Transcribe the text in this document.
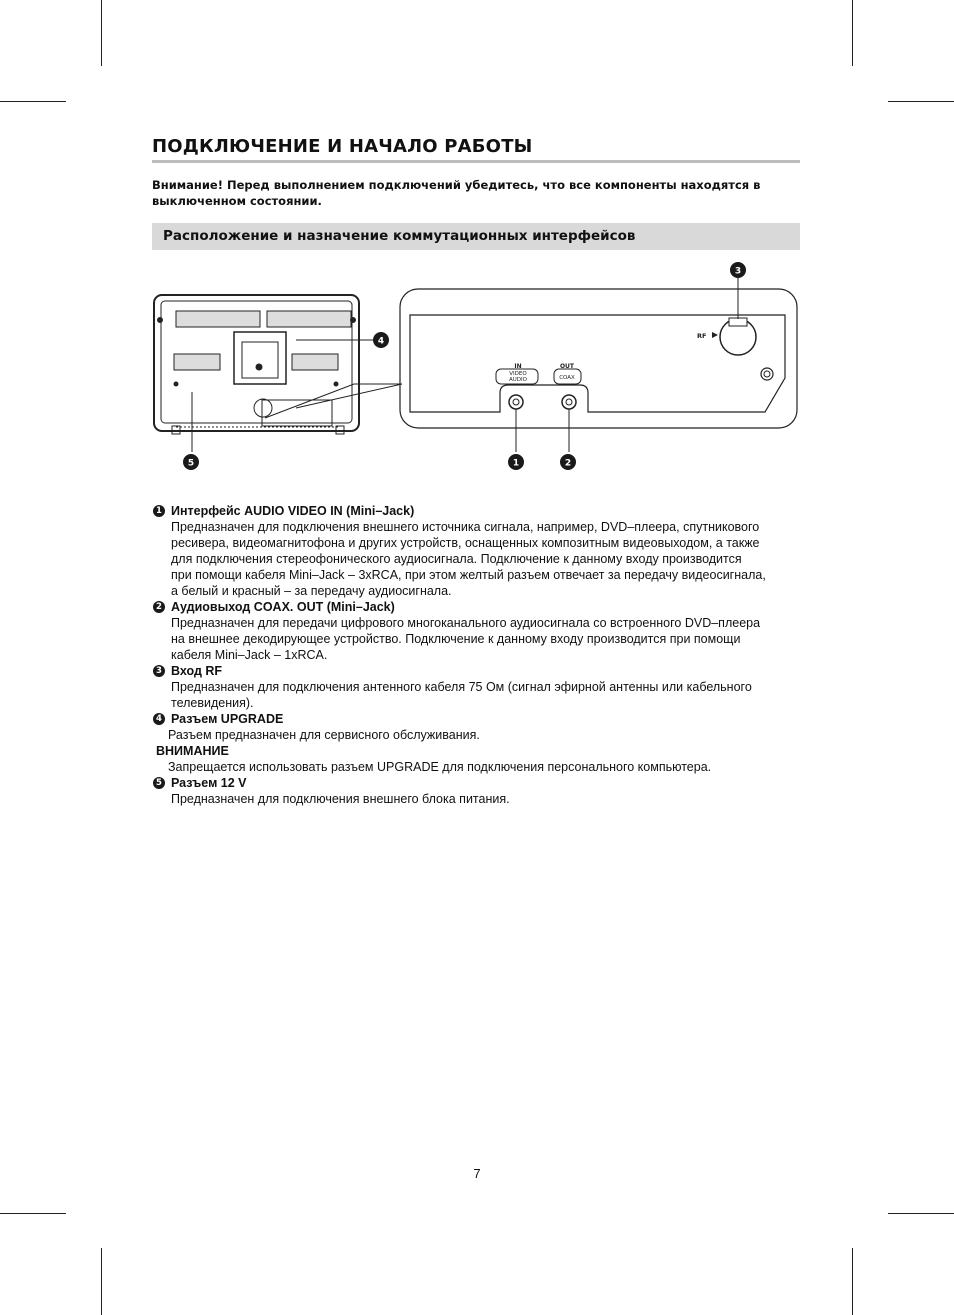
ПОДКЛЮЧЕНИЕ И НАЧАЛО РАБОТЫ
Внимание! Перед выполнением подключений убедитесь, что все компоненты находятся в выключенном состоянии.
Расположение и назначение коммутационных интерфейсов
RF
IN
VIDEO
AUDIO
OUT
COAX
1	2
3
4
5
1 Интерфейс AUDIO VIDEO IN (Mini–Jack)
Предназначен для подключения внешнего источника сигнала, например, DVD–плеера, спутникового
ресивера, видеомагнитофона и других устройств, оснащенных композитным видеовыходом, а также
для подключения стереофонического аудиосигнала. Подключение к данному входу производится
при помощи кабеля Mini–Jack – 3хRCA, при этом желтый разъем отвечает за передачу видеосигнала,
а белый и красный – за передачу аудиосигнала.
2 Аудиовыход COAX. OUT (Mini–Jack)
Предназначен для передачи цифрового многоканального аудиосигнала со встроенного DVD–плеера
на внешнее декодирующее устройство. Подключение к данному входу производится при помощи
кабеля Mini–Jack – 1хRCA.
3 Вход RF
Предназначен для подключения антенного кабеля 75 Ом (сигнал эфирной антенны или кабельного
телевидения).
4 Разъем UPGRADE
Разъем предназначен для сервисного обслуживания.
ВНИМАНИЕ
Запрещается использовать разъем UPGRADE для подключения персонального компьютера.
5 Разъем 12 V
Предназначен для подключения внешнего блока питания.
7
